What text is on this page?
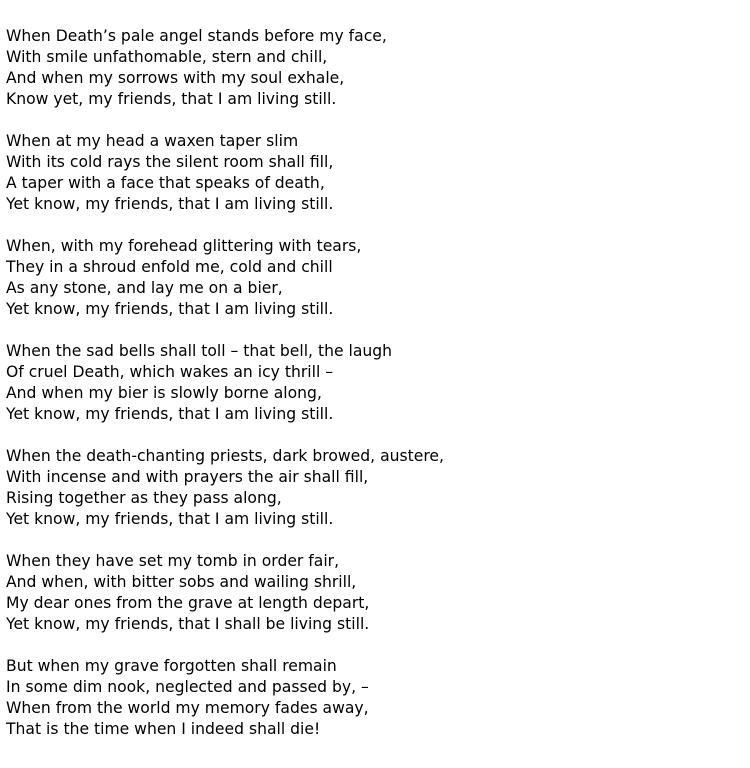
When Death’s pale angel stands before my face,
With smile unfathomable, stern and chill,
And when my sorrows with my soul exhale,
Know yet, my friends, that I am living still.
When at my head a waxen taper slim
With its cold rays the silent room shall fill,
A taper with a face that speaks of death,
Yet know, my friends, that I am living still.
When, with my forehead glittering with tears,
They in a shroud enfold me, cold and chill
As any stone, and lay me on a bier,
Yet know, my friends, that I am living still.
When the sad bells shall toll – that bell, the laugh
Of cruel Death, which wakes an icy thrill –
And when my bier is slowly borne along,
Yet know, my friends, that I am living still.
When the death-chanting priests, dark browed, austere,
With incense and with prayers the air shall fill,
Rising together as they pass along,
Yet know, my friends, that I am living still.
When they have set my tomb in order fair,
And when, with bitter sobs and wailing shrill,
My dear ones from the grave at length depart,
Yet know, my friends, that I shall be living still.
But when my grave forgotten shall remain
In some dim nook, neglected and passed by, –
When from the world my memory fades away,
That is the time when I indeed shall die!
